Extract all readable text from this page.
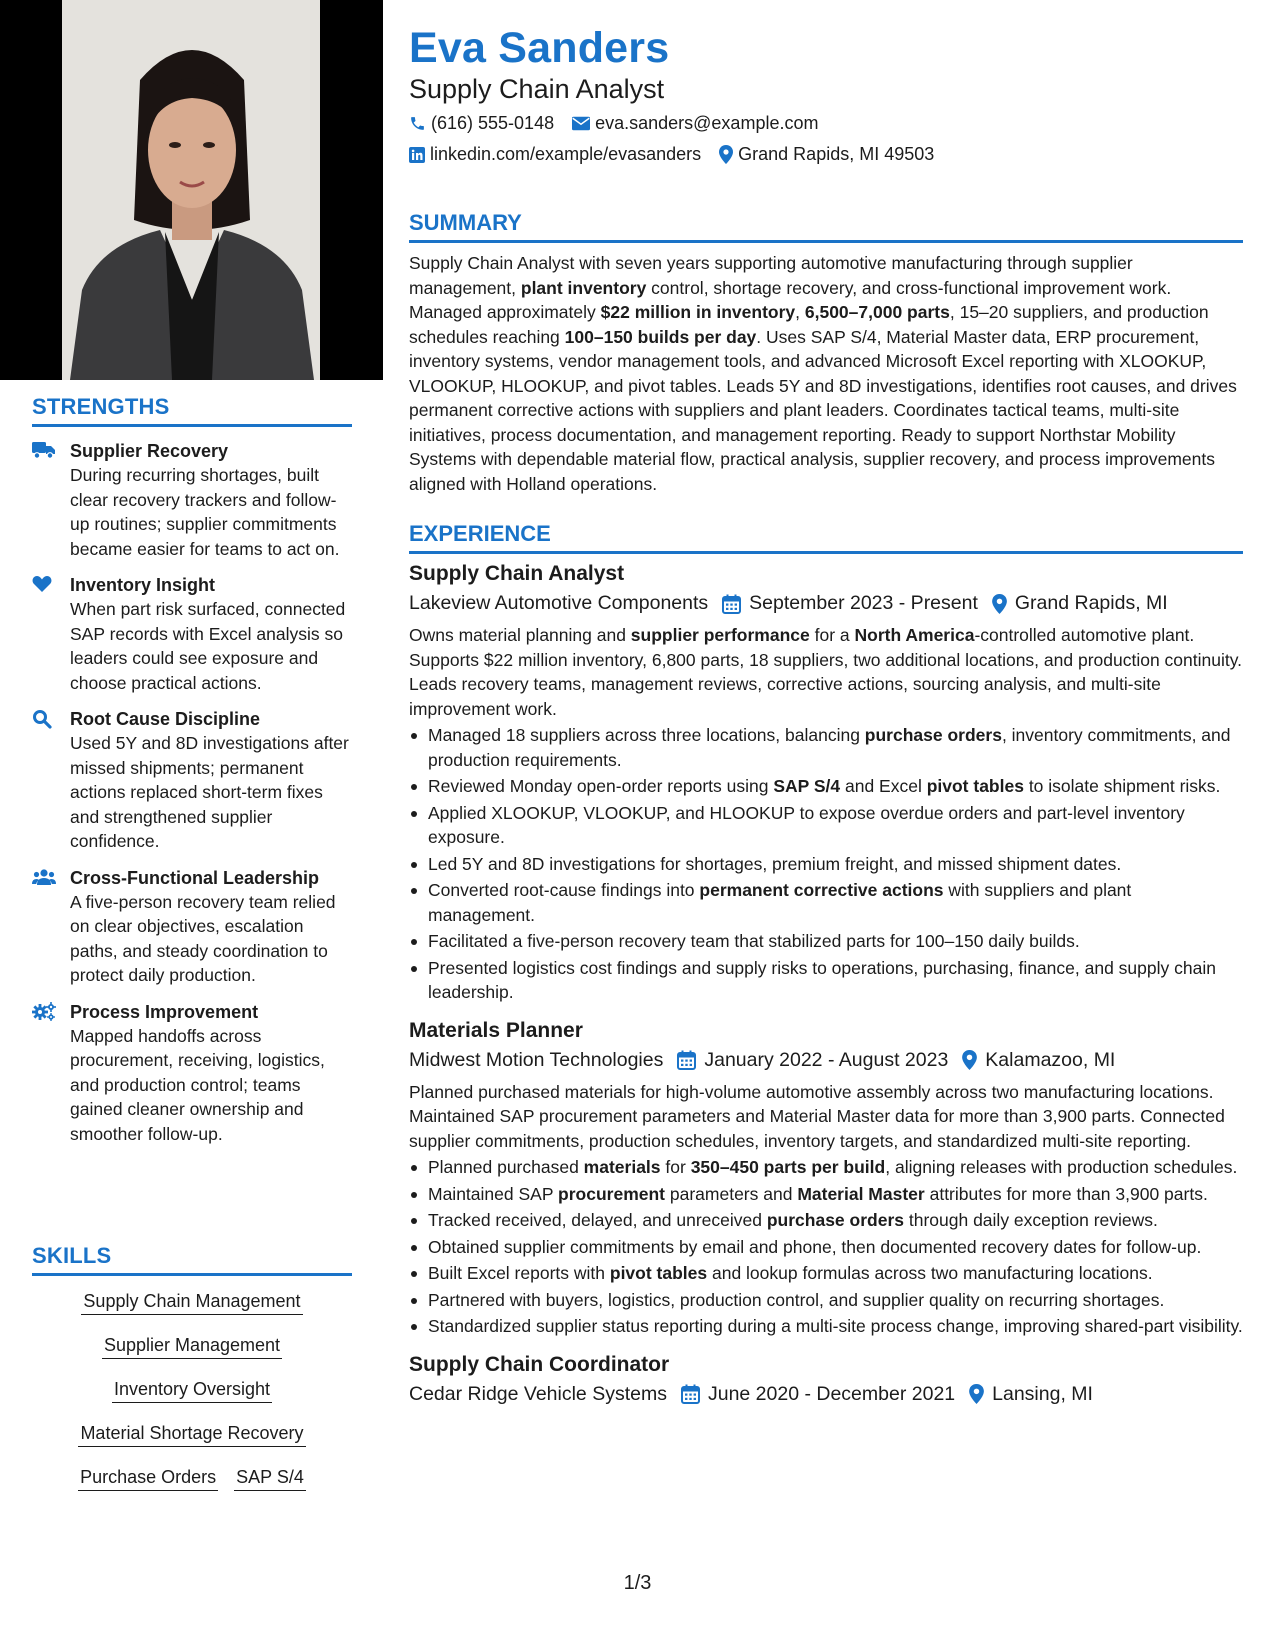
STRENGTHS
Supplier Recovery
During recurring shortages, built clear recovery trackers and follow-up routines; supplier commitments became easier for teams to act on.
Inventory Insight
When part risk surfaced, connected SAP records with Excel analysis so leaders could see exposure and choose practical actions.
Root Cause Discipline
Used 5Y and 8D investigations after missed shipments; permanent actions replaced short-term fixes and strengthened supplier confidence.
Cross-Functional Leadership
A five-person recovery team relied on clear objectives, escalation paths, and steady coordination to protect daily production.
Process Improvement
Mapped handoffs across procurement, receiving, logistics, and production control; teams gained cleaner ownership and smoother follow-up.
SKILLS
Supply Chain Management
Supplier Management
Inventory Oversight
Material Shortage Recovery
Purchase Orders SAP S/4
Eva Sanders
Supply Chain Analyst
(616) 555-0148 eva.sanders@example.com
linkedin.com/example/evasanders Grand Rapids, MI 49503
SUMMARY
Supply Chain Analyst with seven years supporting automotive manufacturing through supplier management, plant inventory control, shortage recovery, and cross-functional improvement work. Managed approximately $22 million in inventory, 6,500–7,000 parts, 15–20 suppliers, and production schedules reaching 100–150 builds per day. Uses SAP S/4, Material Master data, ERP procurement, inventory systems, vendor management tools, and advanced Microsoft Excel reporting with XLOOKUP, VLOOKUP, HLOOKUP, and pivot tables. Leads 5Y and 8D investigations, identifies root causes, and drives permanent corrective actions with suppliers and plant leaders. Coordinates tactical teams, multi-site initiatives, process documentation, and management reporting. Ready to support Northstar Mobility Systems with dependable material flow, practical analysis, supplier recovery, and process improvements aligned with Holland operations.
EXPERIENCE
Supply Chain Analyst
Lakeview Automotive Components September 2023 - Present Grand Rapids, MI
Owns material planning and supplier performance for a North America-controlled automotive plant. Supports $22 million inventory, 6,800 parts, 18 suppliers, two additional locations, and production continuity. Leads recovery teams, management reviews, corrective actions, sourcing analysis, and multi-site improvement work.
Managed 18 suppliers across three locations, balancing purchase orders, inventory commitments, and production requirements.
Reviewed Monday open-order reports using SAP S/4 and Excel pivot tables to isolate shipment risks.
Applied XLOOKUP, VLOOKUP, and HLOOKUP to expose overdue orders and part-level inventory exposure.
Led 5Y and 8D investigations for shortages, premium freight, and missed shipment dates.
Converted root-cause findings into permanent corrective actions with suppliers and plant management.
Facilitated a five-person recovery team that stabilized parts for 100–150 daily builds.
Presented logistics cost findings and supply risks to operations, purchasing, finance, and supply chain leadership.
Materials Planner
Midwest Motion Technologies January 2022 - August 2023 Kalamazoo, MI
Planned purchased materials for high-volume automotive assembly across two manufacturing locations. Maintained SAP procurement parameters and Material Master data for more than 3,900 parts. Connected supplier commitments, production schedules, inventory targets, and standardized multi-site reporting.
Planned purchased materials for 350–450 parts per build, aligning releases with production schedules.
Maintained SAP procurement parameters and Material Master attributes for more than 3,900 parts.
Tracked received, delayed, and unreceived purchase orders through daily exception reviews.
Obtained supplier commitments by email and phone, then documented recovery dates for follow-up.
Built Excel reports with pivot tables and lookup formulas across two manufacturing locations.
Partnered with buyers, logistics, production control, and supplier quality on recurring shortages.
Standardized supplier status reporting during a multi-site process change, improving shared-part visibility.
Supply Chain Coordinator
Cedar Ridge Vehicle Systems June 2020 - December 2021 Lansing, MI
1/3
